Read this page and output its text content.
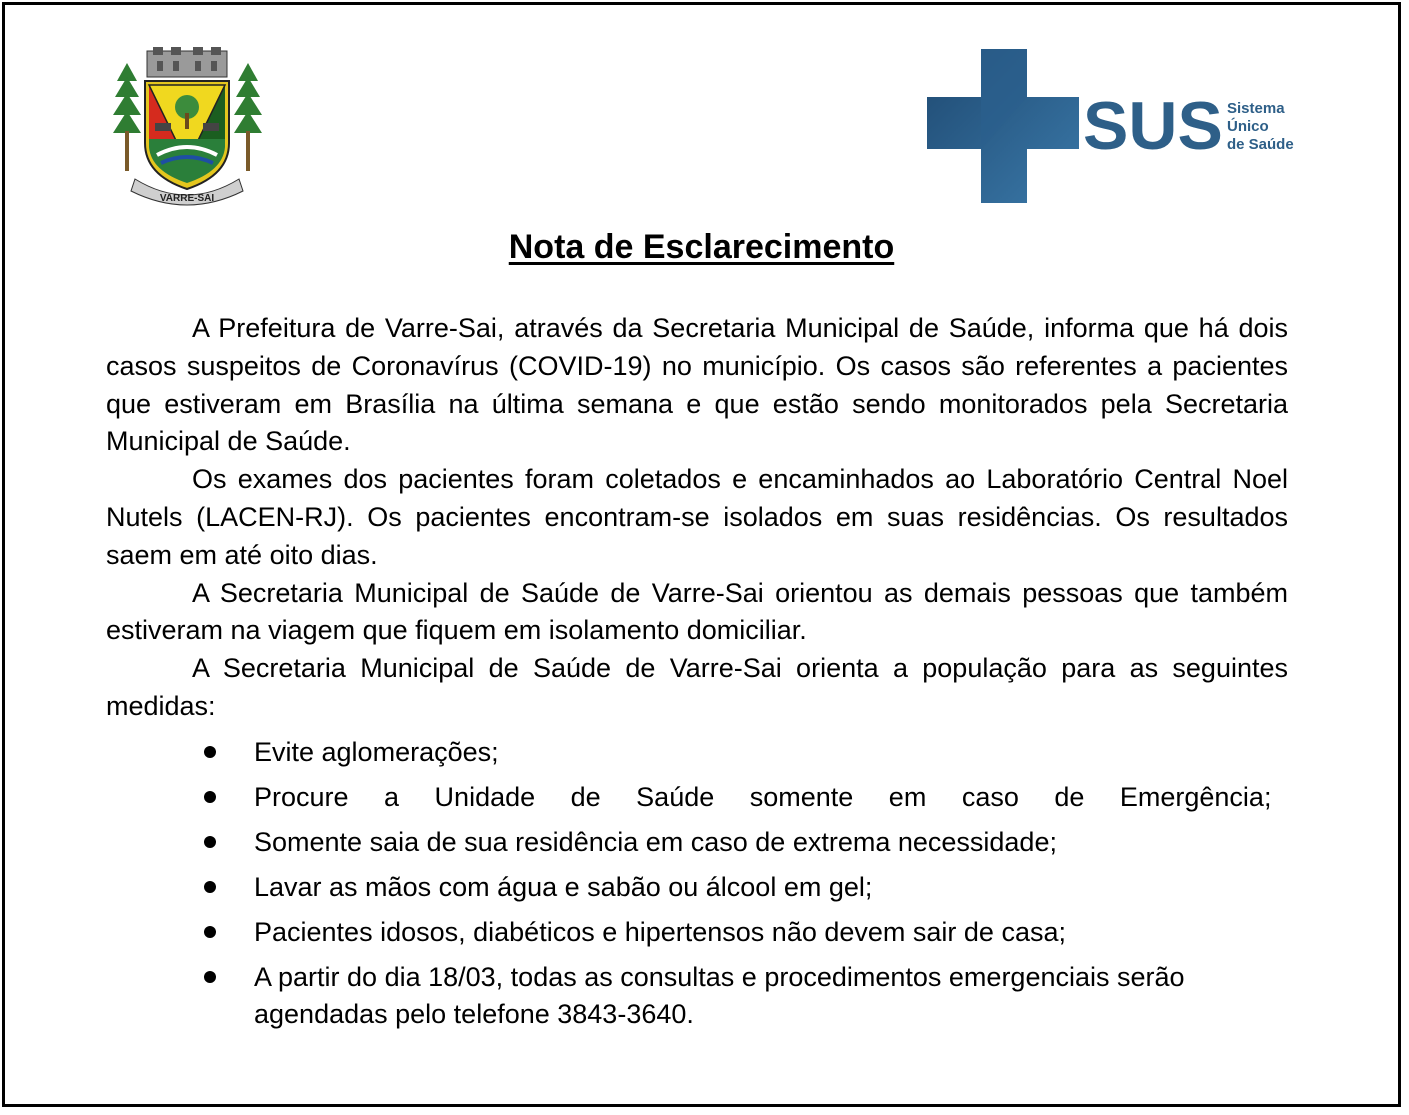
VARRE-SAI
SUS Sistema
Único
de Saúde
Nota de Esclarecimento

A Prefeitura de Varre-Sai, através da Secretaria Municipal de Saúde, informa que há dois casos suspeitos de Coronavírus (COVID-19) no município. Os casos são referentes a pacientes que estiveram em Brasília na última semana e que estão sendo monitorados pela Secretaria Municipal de Saúde.

Os exames dos pacientes foram coletados e encaminhados ao Laboratório Central Noel Nutels (LACEN-RJ). Os pacientes encontram-se isolados em suas residências. Os resultados saem em até oito dias.

A Secretaria Municipal de Saúde de Varre-Sai orientou as demais pessoas que também estiveram na viagem que fiquem em isolamento domiciliar.

A Secretaria Municipal de Saúde de Varre-Sai orienta a população para as seguintes medidas:

Evite aglomerações;
Procure a Unidade de Saúde somente em caso de Emergência;
Somente saia de sua residência em caso de extrema necessidade;
Lavar as mãos com água e sabão ou álcool em gel;
Pacientes idosos, diabéticos e hipertensos não devem sair de casa;
A partir do dia 18/03, todas as consultas e procedimentos emergenciais serão agendadas pelo telefone 3843-3640.
